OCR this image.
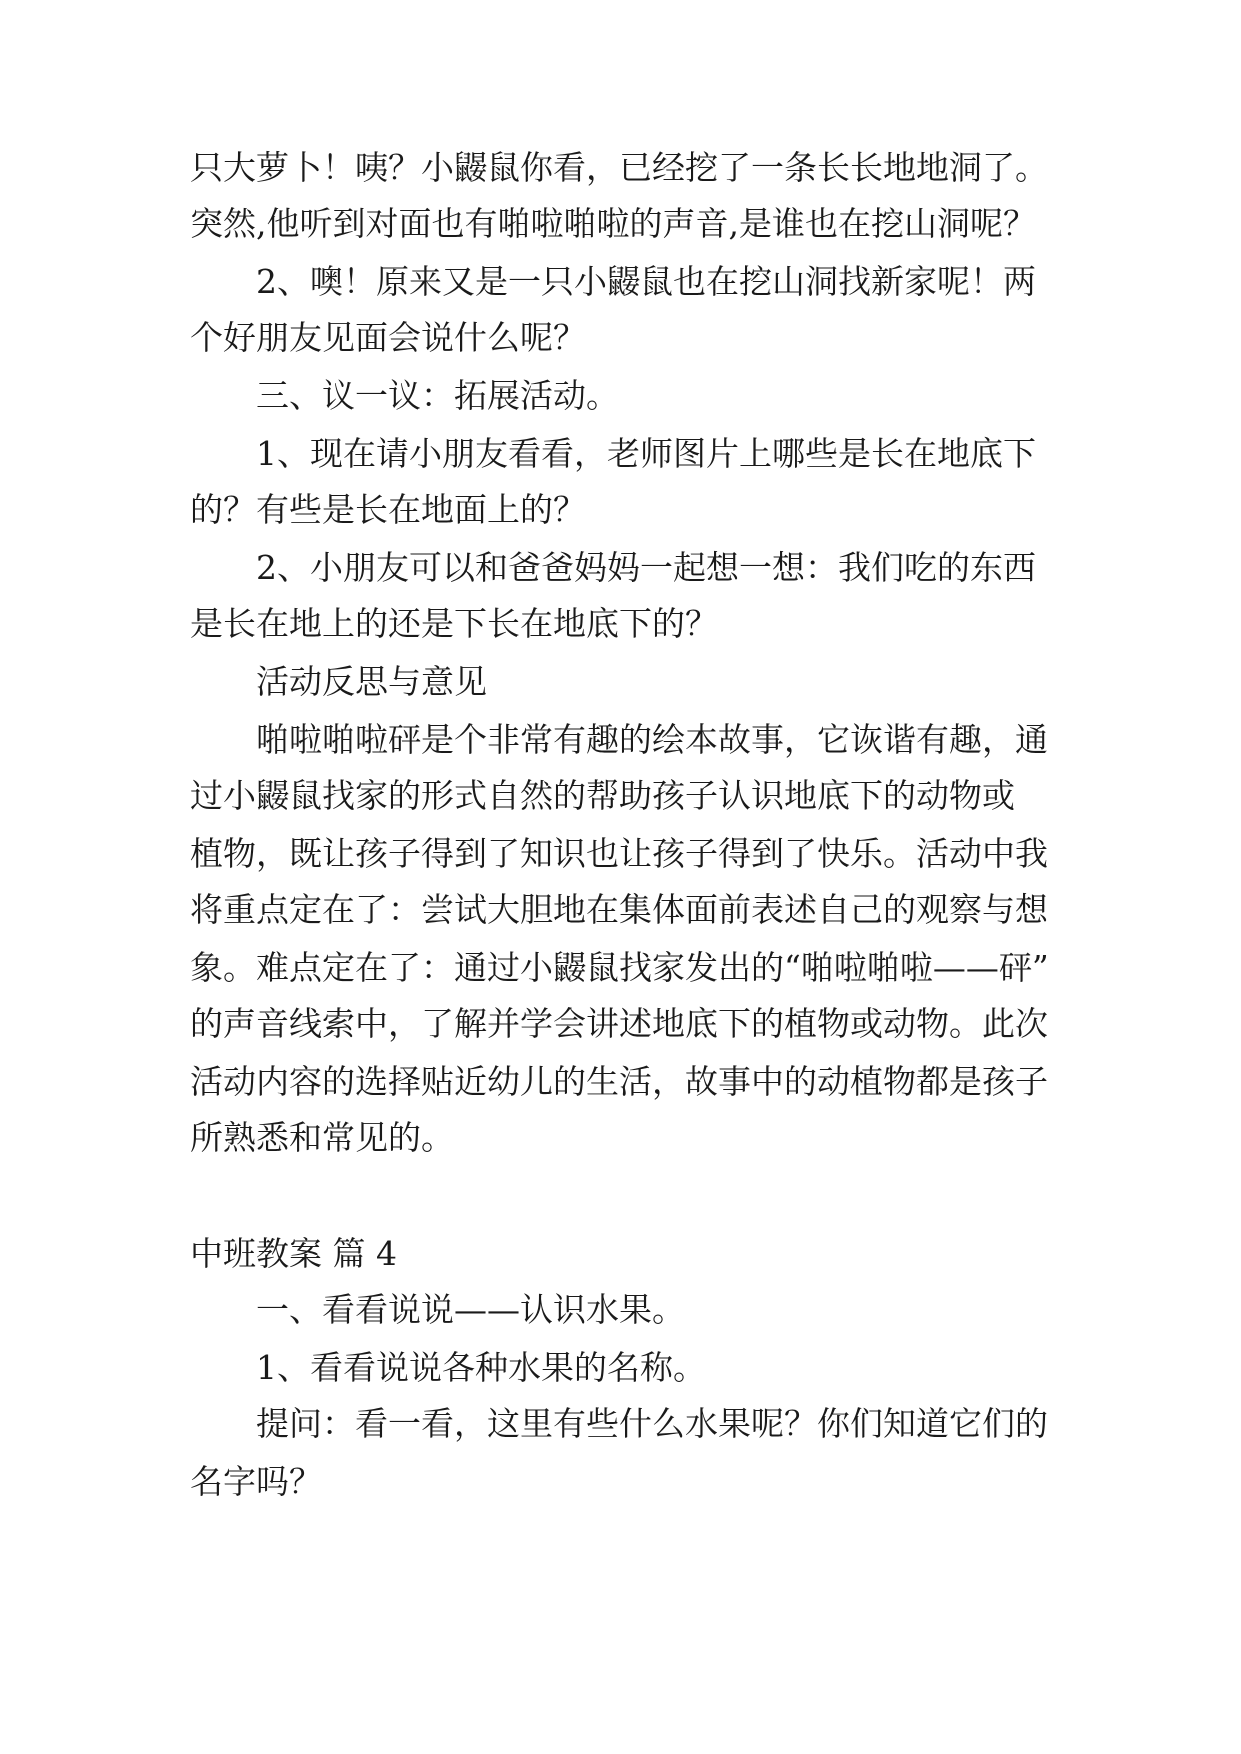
只大萝卜！咦？小鼹鼠你看，已经挖了一条长长地地洞了。
突然,他听到对面也有啪啦啪啦的声音,是谁也在挖山洞呢？
2、噢！原来又是一只小鼹鼠也在挖山洞找新家呢！两
个好朋友见面会说什么呢？
三、议一议：拓展活动。
1、现在请小朋友看看，老师图片上哪些是长在地底下
的？有些是长在地面上的？
2、小朋友可以和爸爸妈妈一起想一想：我们吃的东西
是长在地上的还是下长在地底下的？
活动反思与意见
啪啦啪啦砰是个非常有趣的绘本故事，它诙谐有趣，通
过小鼹鼠找家的形式自然的帮助孩子认识地底下的动物或
植物，既让孩子得到了知识也让孩子得到了快乐。活动中我
将重点定在了：尝试大胆地在集体面前表述自己的观察与想
象。难点定在了：通过小鼹鼠找家发出的“啪啦啪啦——砰”
的声音线索中，了解并学会讲述地底下的植物或动物。此次
活动内容的选择贴近幼儿的生活，故事中的动植物都是孩子
所熟悉和常见的。
中班教案 篇 4
一、看看说说——认识水果。
1、看看说说各种水果的名称。
提问：看一看，这里有些什么水果呢？你们知道它们的
名字吗？
